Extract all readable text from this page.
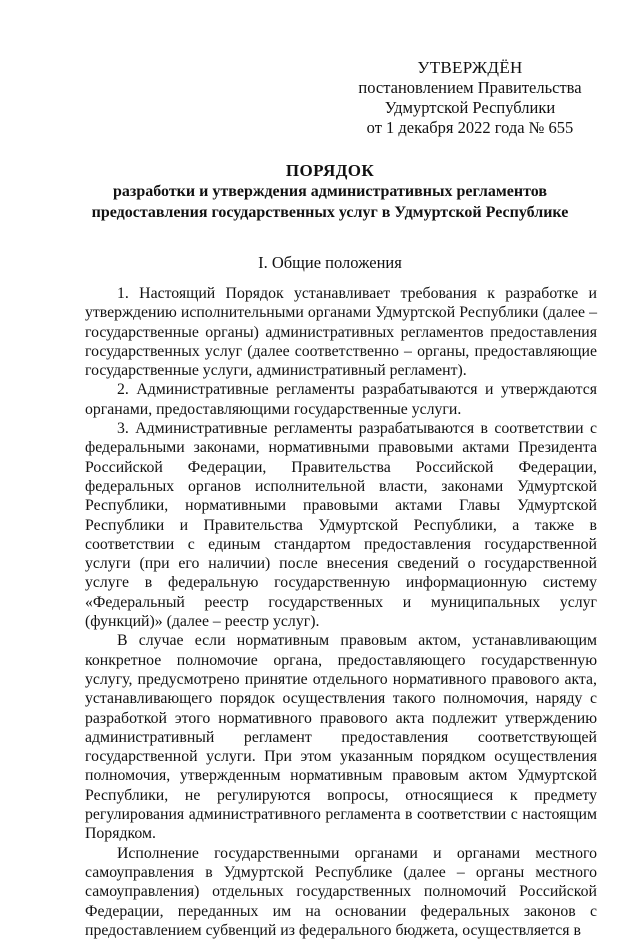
УТВЕРЖДЁН
постановлением Правительства
Удмуртской Республики
от 1 декабря 2022 года № 655
ПОРЯДОК
разработки и утверждения административных регламентов
предоставления государственных услуг в Удмуртской Республике
I. Общие положения

1. Настоящий Порядок устанавливает требования к разработке и утверждению исполнительными органами Удмуртской Республики (далее – государственные органы) административных регламентов предоставления государственных услуг (далее соответственно – органы, предоставляющие государственные услуги, административный регламент).

2. Административные регламенты разрабатываются и утверждаются органами, предоставляющими государственные услуги.

3. Административные регламенты разрабатываются в соответствии с федеральными законами, нормативными правовыми актами Президента Российской Федерации, Правительства Российской Федерации, федеральных органов исполнительной власти, законами Удмуртской Республики, нормативными правовыми актами Главы Удмуртской Республики и Правительства Удмуртской Республики, а также в соответствии с единым стандартом предоставления государственной услуги (при его наличии) после внесения сведений о государственной услуге в федеральную государственную информационную систему «Федеральный реестр государственных и муниципальных услуг (функций)» (далее – реестр услуг).

В случае если нормативным правовым актом, устанавливающим конкретное полномочие органа, предоставляющего государственную услугу, предусмотрено принятие отдельного нормативного правового акта, устанавливающего порядок осуществления такого полномочия, наряду с разработкой этого нормативного правового акта подлежит утверждению административный регламент предоставления соответствующей государственной услуги. При этом указанным порядком осуществления полномочия, утвержденным нормативным правовым актом Удмуртской Республики, не регулируются вопросы, относящиеся к предмету регулирования административного регламента в соответствии с настоящим Порядком.

Исполнение государственными органами и органами местного самоуправления в Удмуртской Республике (далее – органы местного самоуправления) отдельных государственных полномочий Российской Федерации, переданных им на основании федеральных законов с предоставлением субвенций из федерального бюджета, осуществляется в
